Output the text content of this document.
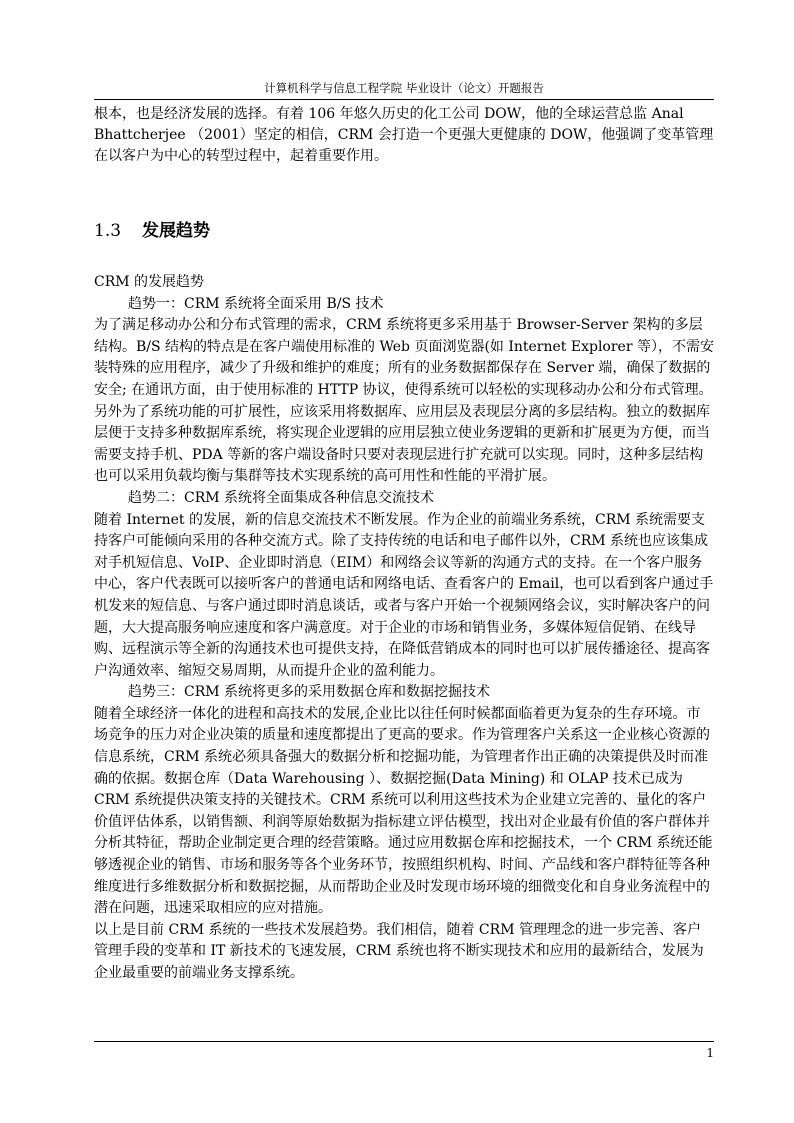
计算机科学与信息工程学院 毕业设计（论文）开题报告

根本，也是经济发展的选择。有着 106 年悠久历史的化工公司 DOW，他的全球运营总监 Anal

Bhattcherjee （2001）坚定的相信，CRM 会打造一个更强大更健康的 DOW，他强调了变革管理在以客户为中心的转型过程中，起着重要作用。

1.3 发展趋势

CRM 的发展趋势

趋势一：CRM 系统将全面采用 B/S 技术

为了满足移动办公和分布式管理的需求，CRM 系统将更多采用基于 Browser-Server 架构的多层结构。B/S 结构的特点是在客户端使用标准的 Web 页面浏览器(如 Internet Explorer 等），不需安装特殊的应用程序，减少了升级和维护的难度；所有的业务数据都保存在 Server 端，确保了数据的安全; 在通讯方面，由于使用标准的 HTTP 协议，使得系统可以轻松的实现移动办公和分布式管理。另外为了系统功能的可扩展性，应该采用将数据库、应用层及表现层分离的多层结构。独立的数据库层便于支持多种数据库系统，将实现企业逻辑的应用层独立使业务逻辑的更新和扩展更为方便，而当需要支持手机、PDA 等新的客户端设备时只要对表现层进行扩充就可以实现。同时，这种多层结构也可以采用负载均衡与集群等技术实现系统的高可用性和性能的平滑扩展。

趋势二：CRM 系统将全面集成各种信息交流技术

随着 Internet 的发展，新的信息交流技术不断发展。作为企业的前端业务系统，CRM 系统需要支持客户可能倾向采用的各种交流方式。除了支持传统的电话和电子邮件以外，CRM 系统也应该集成对手机短信息、VoIP、企业即时消息（EIM）和网络会议等新的沟通方式的支持。在一个客户服务中心，客户代表既可以接听客户的普通电话和网络电话、查看客户的 Email，也可以看到客户通过手机发来的短信息、与客户通过即时消息谈话，或者与客户开始一个视频网络会议，实时解决客户的问题，大大提高服务响应速度和客户满意度。对于企业的市场和销售业务，多媒体短信促销、在线导购、远程演示等全新的沟通技术也可提供支持，在降低营销成本的同时也可以扩展传播途径、提高客户沟通效率、缩短交易周期，从而提升企业的盈利能力。

趋势三：CRM 系统将更多的采用数据仓库和数据挖掘技术

随着全球经济一体化的进程和高技术的发展,企业比以往任何时候都面临着更为复杂的生存环境。市场竞争的压力对企业决策的质量和速度都提出了更高的要求。作为管理客户关系这一企业核心资源的信息系统，CRM 系统必须具备强大的数据分析和挖掘功能，为管理者作出正确的决策提供及时而准确的依据。数据仓库（Data Warehousing ）、数据挖掘(Data Mining) 和 OLAP 技术已成为 CRM 系统提供决策支持的关键技术。CRM 系统可以利用这些技术为企业建立完善的、量化的客户价值评估体系，以销售额、利润等原始数据为指标建立评估模型，找出对企业最有价值的客户群体并分析其特征，帮助企业制定更合理的经营策略。通过应用数据仓库和挖掘技术，一个 CRM 系统还能够透视企业的销售、市场和服务等各个业务环节，按照组织机构、时间、产品线和客户群特征等各种维度进行多维数据分析和数据挖掘，从而帮助企业及时发现市场环境的细微变化和自身业务流程中的潜在问题，迅速采取相应的应对措施。

以上是目前 CRM 系统的一些技术发展趋势。我们相信，随着 CRM 管理理念的进一步完善、客户管理手段的变革和 IT 新技术的飞速发展，CRM 系统也将不断实现技术和应用的最新结合，发展为企业最重要的前端业务支撑系统。

1
